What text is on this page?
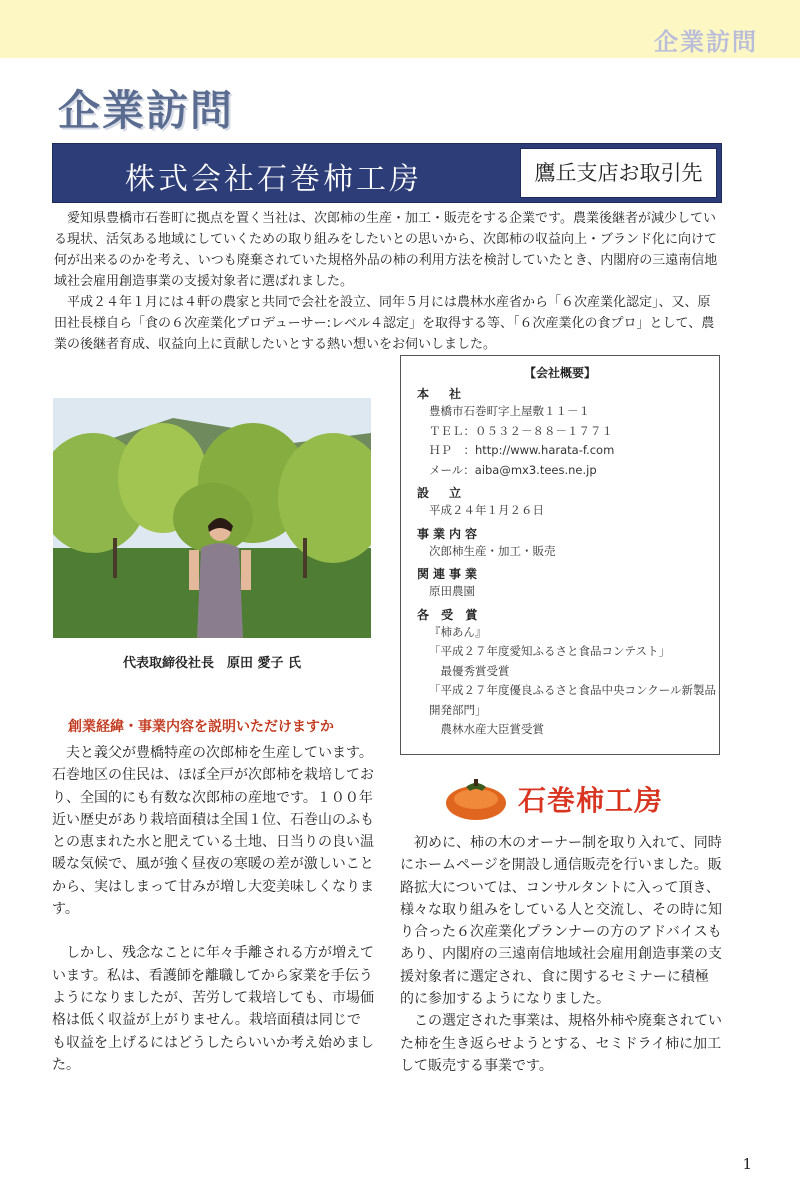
企業訪問
企業訪問
株式会社石巻柿工房	鷹丘支店お取引先

愛知県豊橋市石巻町に拠点を置く当社は、次郎柿の生産・加工・販売をする企業です。農業後継者が減少している現状、活気ある地域にしていくための取り組みをしたいとの思いから、次郎柿の収益向上・ブランド化に向けて何が出来るのかを考え、いつも廃棄されていた規格外品の柿の利用方法を検討していたとき、内閣府の三遠南信地域社会雇用創造事業の支援対象者に選ばれました。

平成２４年１月には４軒の農家と共同で会社を設立、同年５月には農林水産省から「６次産業化認定」、又、原田社長様自ら「食の６次産業化プロデューサー:レベル４認定」を取得する等、「６次産業化の食プロ」として、農業の後継者育成、収益向上に貢献したいとする熱い想いをお伺いしました。

代表取締役社長　原田 愛子 氏
創業経緯・事業内容を説明いただけますか

夫と義父が豊橋特産の次郎柿を生産しています。石巻地区の住民は、ほぼ全戸が次郎柿を栽培しており、全国的にも有数な次郎柿の産地です。１００年近い歴史があり栽培面積は全国１位、石巻山のふもとの恵まれた水と肥えている土地、日当りの良い温暖な気候で、風が強く昼夜の寒暖の差が激しいことから、実はしまって甘みが増し大変美味しくなります。

しかし、残念なことに年々手離される方が増えています。私は、看護師を離職してから家業を手伝うようになりましたが、苦労して栽培しても、市場価格は低く収益が上がりません。栽培面積は同じでも収益を上げるにはどうしたらいいか考え始めました。

【会社概要】
本　社
豊橋市石巻町字上屋敷１１－１
ＴＥＬ：０５３２－８８－１７７１
ＨＰ　：http://www.harata-f.com
メール：aiba@mx3.tees.ne.jp
設　立
平成２４年１月２６日
事業内容
次郎柿生産・加工・販売
関連事業
原田農園
各 受 賞
『柿あん』
「平成２７年度愛知ふるさと食品コンテスト」
　最優秀賞受賞
「平成２７年度優良ふるさと食品中央コンクール新製品開発部門」
　農林水産大臣賞受賞
石巻柿工房

初めに、柿の木のオーナー制を取り入れて、同時にホームページを開設し通信販売を行いました。販路拡大については、コンサルタントに入って頂き、様々な取り組みをしている人と交流し、その時に知り合った６次産業化プランナーの方のアドバイスもあり、内閣府の三遠南信地域社会雇用創造事業の支援対象者に選定され、食に関するセミナーに積極的に参加するようになりました。

この選定された事業は、規格外柿や廃棄されていた柿を生き返らせようとする、セミドライ柿に加工して販売する事業です。

1
